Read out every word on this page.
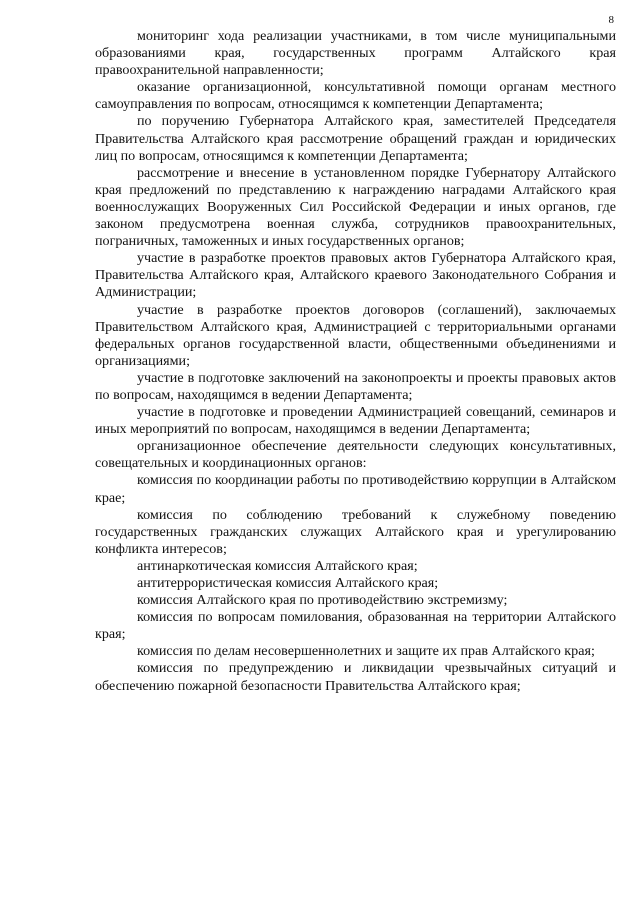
8

мониторинг хода реализации участниками, в том числе муниципальными образованиями края, государственных программ Алтайского края правоохранительной направленности;

оказание организационной, консультативной помощи органам местного самоуправления по вопросам, относящимся к компетенции Департамента;

по поручению Губернатора Алтайского края, заместителей Председателя Правительства Алтайского края рассмотрение обращений граждан и юридических лиц по вопросам, относящимся к компетенции Департамента;

рассмотрение и внесение в установленном порядке Губернатору Алтайского края предложений по представлению к награждению наградами Алтайского края военнослужащих Вооруженных Сил Российской Федерации и иных органов, где законом предусмотрена военная служба, сотрудников правоохранительных, пограничных, таможенных и иных государственных органов;

участие в разработке проектов правовых актов Губернатора Алтайского края, Правительства Алтайского края, Алтайского краевого Законодательного Собрания и Администрации;

участие в разработке проектов договоров (соглашений), заключаемых Правительством Алтайского края, Администрацией с территориальными органами федеральных органов государственной власти, общественными объединениями и организациями;

участие в подготовке заключений на законопроекты и проекты правовых актов по вопросам, находящимся в ведении Департамента;

участие в подготовке и проведении Администрацией совещаний, семинаров и иных мероприятий по вопросам, находящимся в ведении Департамента;

организационное обеспечение деятельности следующих консультативных, совещательных и координационных органов:

комиссия по координации работы по противодействию коррупции в Алтайском крае;

комиссия по соблюдению требований к служебному поведению государственных гражданских служащих Алтайского края и урегулированию конфликта интересов;

антинаркотическая комиссия Алтайского края;

антитеррористическая комиссия Алтайского края;

комиссия Алтайского края по противодействию экстремизму;

комиссия по вопросам помилования, образованная на территории Алтайского края;

комиссия по делам несовершеннолетних и защите их прав Алтайского края;

комиссия по предупреждению и ликвидации чрезвычайных ситуаций и обеспечению пожарной безопасности Правительства Алтайского края;
